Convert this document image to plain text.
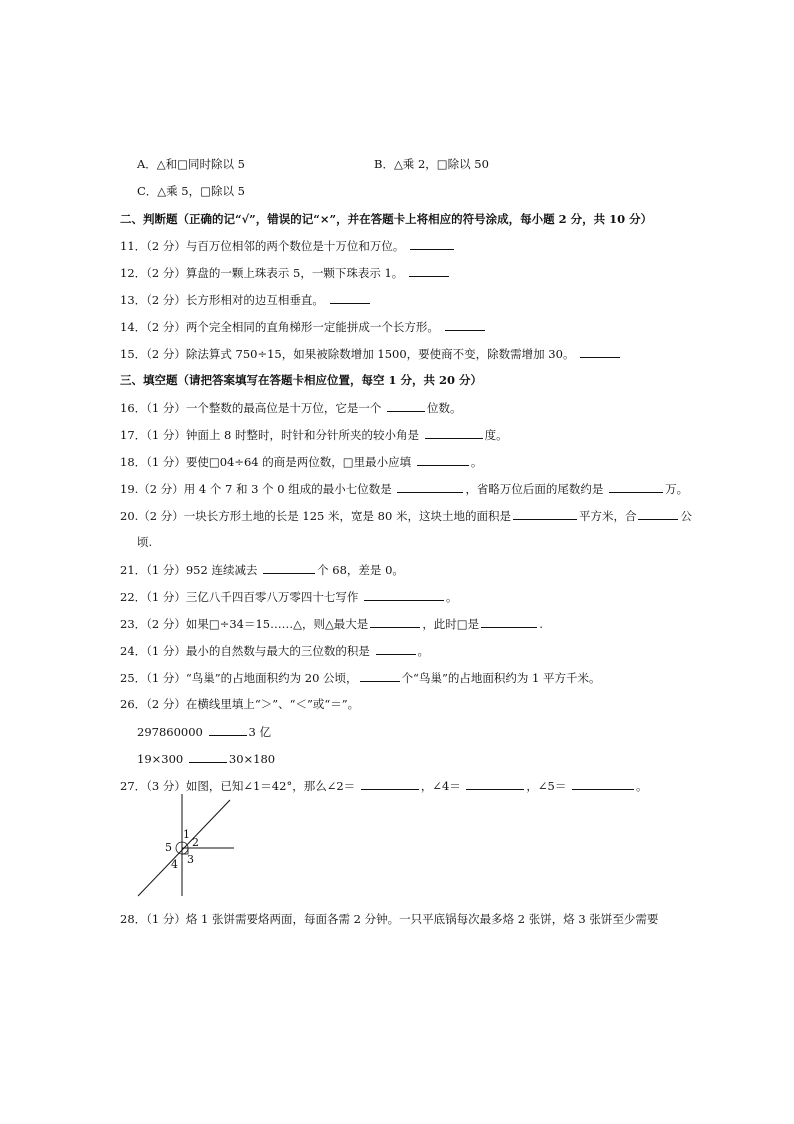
A．△和□同时除以 5	B．△乘 2，□除以 50
C．△乘 5，□除以 5
二、判断题（正确的记“√”，错误的记“×”，并在答题卡上将相应的符号涂成，每小题 2 分，共 10 分）
11．（2 分）与百万位相邻的两个数位是十万位和万位。
12．（2 分）算盘的一颗上珠表示 5，一颗下珠表示 1。
13．（2 分）长方形相对的边互相垂直。
14．（2 分）两个完全相同的直角梯形一定能拼成一个长方形。
15．（2 分）除法算式 750÷15，如果被除数增加 1500，要使商不变，除数需增加 30。
三、填空题（请把答案填写在答题卡相应位置，每空 1 分，共 20 分）
16．（1 分）一个整数的最高位是十万位，它是一个	位数。
17．（1 分）钟面上 8 时整时，时针和分针所夹的较小角是	度。
18．（1 分）要使□04÷64 的商是两位数，□里最小应填	。
19.（2 分）用 4 个 7 和 3 个 0 组成的最小七位数是	，省略万位后面的尾数约是	万。
20.（2 分）一块长方形土地的长是 125 米，宽是 80 米，这块土地的面积是	平方米，合	公
顷.
21．（1 分）952 连续减去	个 68，差是 0。
22．（1 分）三亿八千四百零八万零四十七写作	。
23．（2 分）如果□÷34＝15……△，则△最大是	，此时□是	.
24．（1 分）最小的自然数与最大的三位数的积是	。
25．（1 分）“鸟巢”的占地面积约为 20 公顷，	个“鸟巢”的占地面积约为 1 平方千米。
26．（2 分）在横线里填上“＞”、“＜”或“＝”。
297860000	3 亿
19×300	30×180
27．（3 分）如图，已知∠1＝42°，那么∠2＝	，∠4＝	，∠5＝	。
1
2
3
4
5
28．（1 分）烙 1 张饼需要烙两面，每面各需 2 分钟。一只平底锅每次最多烙 2 张饼，烙 3 张饼至少需要
